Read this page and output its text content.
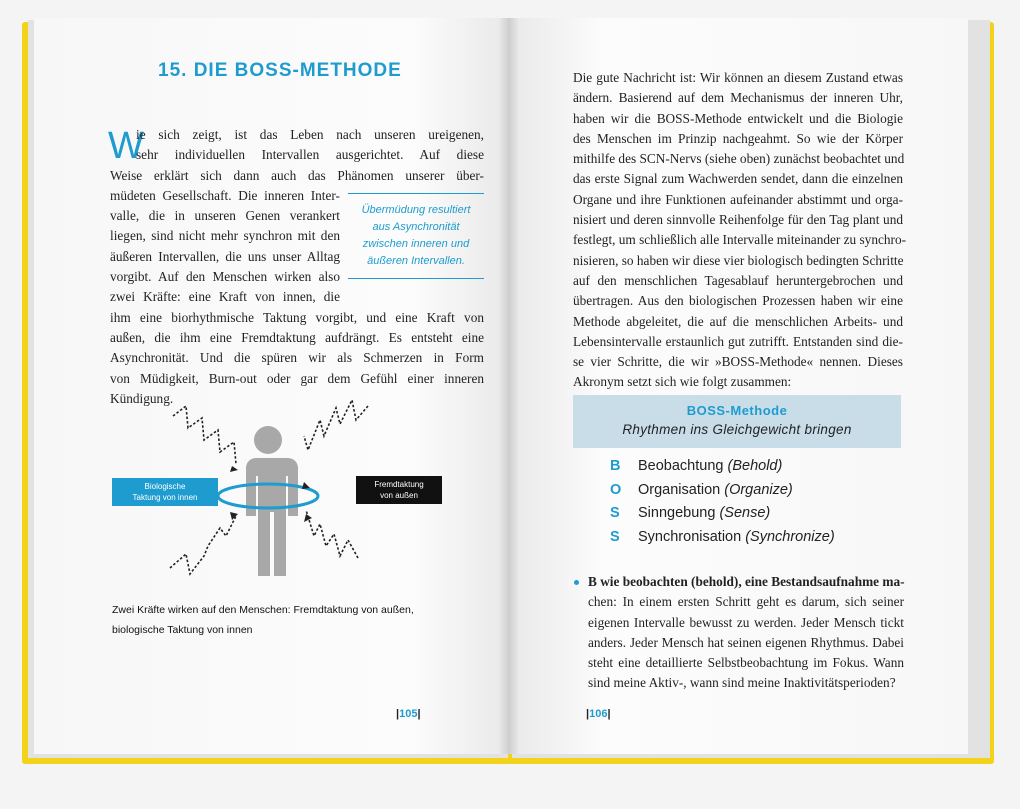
15. DIE BOSS-METHODE
W
ie sich zeigt, ist das Leben nach unseren ureigenen,
sehr individuellen Intervallen ausgerichtet. Auf diese
Weise erklärt sich dann auch das Phänomen unserer über-
müdeten Gesellschaft. Die inneren Inter-
valle, die in unseren Genen verankert
liegen, sind nicht mehr synchron mit den
äußeren Intervallen, die uns unser Alltag
vorgibt. Auf den Menschen wirken also
zwei Kräfte: eine Kraft von innen, die
ihm eine biorhythmische Taktung vorgibt, und eine Kraft von
außen, die ihm eine Fremdtaktung aufdrängt. Es entsteht eine
Asynchronität. Und die spüren wir als Schmerzen in Form
von Müdigkeit, Burn-out oder gar dem Gefühl einer inneren
Kündigung.
Übermüdung resultiert
aus Asynchronität
zwischen inneren und
äußeren Intervallen.
Biologische
Taktung von innen
Fremdtaktung
von außen
Zwei Kräfte wirken auf den Menschen: Fremdtaktung von außen,
biologische Taktung von innen
|105|
Die gute Nachricht ist: Wir können an diesem Zustand etwas
ändern. Basierend auf dem Mechanismus der inneren Uhr,
haben wir die BOSS-Methode entwickelt und die Biologie
des Menschen im Prinzip nachgeahmt. So wie der Körper
mithilfe des SCN-Nervs (siehe oben) zunächst beobachtet und
das erste Signal zum Wachwerden sendet, dann die einzelnen
Organe und ihre Funktionen aufeinander abstimmt und orga-
nisiert und deren sinnvolle Reihenfolge für den Tag plant und
festlegt, um schließlich alle Intervalle miteinander zu synchro-
nisieren, so haben wir diese vier biologisch bedingten Schritte
auf den menschlichen Tagesablauf heruntergebrochen und
übertragen. Aus den biologischen Prozessen haben wir eine
Methode abgeleitet, die auf die menschlichen Arbeits- und
Lebensintervalle erstaunlich gut zutrifft. Entstanden sind die-
se vier Schritte, die wir »BOSS-Methode« nennen. Dieses
Akronym setzt sich wie folgt zusammen:
BOSS-Methode
Rhythmen ins Gleichgewicht bringen
B Beobachtung (Behold)
O Organisation (Organize)
S Sinngebung (Sense)
S Synchronisation (Synchronize)
B wie beobachten (behold), eine Bestandsaufnahme ma-
chen: In einem ersten Schritt geht es darum, sich seiner
eigenen Intervalle bewusst zu werden. Jeder Mensch tickt
anders. Jeder Mensch hat seinen eigenen Rhythmus. Dabei
steht eine detaillierte Selbstbeobachtung im Fokus. Wann
sind meine Aktiv-, wann sind meine Inaktivitätsperioden?
|106|
